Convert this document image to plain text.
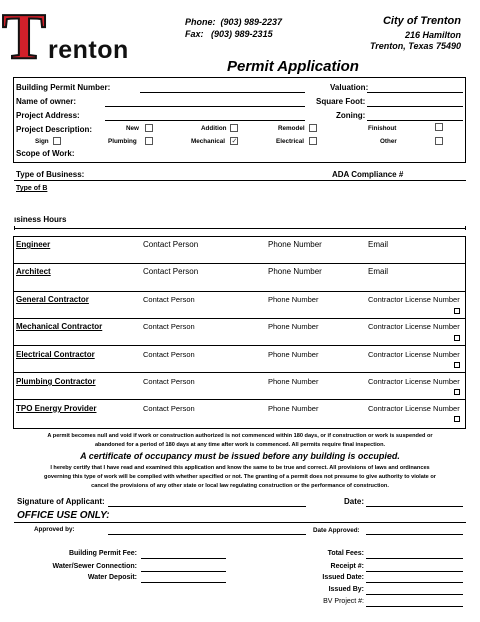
T renton
Phone: (903) 989-2237
Fax: (903) 989-2315
City of Trenton
216 Hamilton
Trenton, Texas 75490
Permit Application
Building Permit Number:	Valuation:
Name of owner:	Square Foot:
Project Address:	Zoning:
Project Description:	New	Addition	Remodel	Finishout
Sign	Plumbing	Mechanical ✓	Electrical	Other
Scope of Work:
Type of Business:	ADA Compliance #
Type of B
ısiness Hours
Engineer	Contact Person	Phone Number	Email
Architect	Contact Person	Phone Number	Email
General Contractor	Contact Person	Phone Number	Contractor License Number
Mechanical Contractor	Contact Person	Phone Number	Contractor License Number
Electrical Contractor	Contact Person	Phone Number	Contractor License Number
Plumbing Contractor	Contact Person	Phone Number	Contractor License Number
TPO Energy Provider	Contact Person	Phone Number	Contractor License Number
A permit becomes null and void if work or construction authorized is not commenced within 180 days, or if construction or work is suspended or
abandoned for a period of 180 days at any time after work is commenced. All permits require final inspection.
A certificate of occupancy must be issued before any building is occupied.
I hereby certify that I have read and examined this application and know the same to be true and correct. All provisions of laws and ordinances
governing this type of work will be complied with whether specified or not. The granting of a permit does not presume to give authority to violate or
cancel the provisions of any other state or local law regulating construction or the performance of construction.
Signature of Applicant:	Date:
OFFICE USE ONLY:
Approved by:	Date Approved:
Building Permit Fee:
Water/Sewer Connection:
Water Deposit:
Total Fees:
Receipt #:
Issued Date:
Issued By:
BV Project #:
